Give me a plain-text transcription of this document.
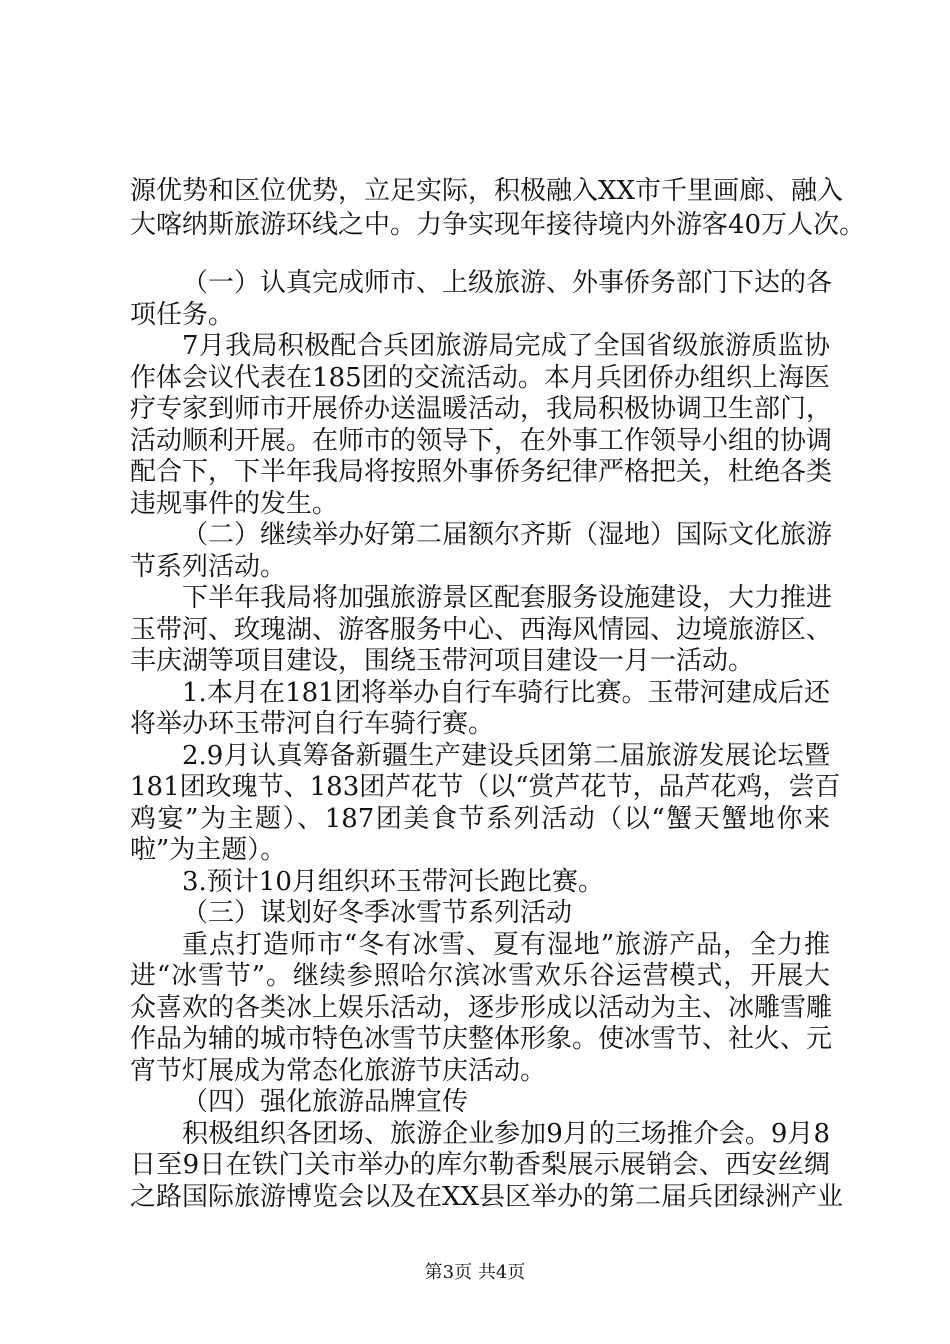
源优势和区位优势，立足实际，积极融入XX市千里画廊、融入
大喀纳斯旅游环线之中。力争实现年接待境内外游客40万人次。
（一）认真完成师市、上级旅游、外事侨务部门下达的各
项任务。
7月我局积极配合兵团旅游局完成了全国省级旅游质监协
作体会议代表在185团的交流活动。本月兵团侨办组织上海医
疗专家到师市开展侨办送温暖活动，我局积极协调卫生部门，
活动顺利开展。在师市的领导下，在外事工作领导小组的协调
配合下，下半年我局将按照外事侨务纪律严格把关，杜绝各类
违规事件的发生。
（二）继续举办好第二届额尔齐斯（湿地）国际文化旅游
节系列活动。
下半年我局将加强旅游景区配套服务设施建设，大力推进
玉带河、玫瑰湖、游客服务中心、西海风情园、边境旅游区、
丰庆湖等项目建设，围绕玉带河项目建设一月一活动。
1.本月在181团将举办自行车骑行比赛。玉带河建成后还
将举办环玉带河自行车骑行赛。
2.9月认真筹备新疆生产建设兵团第二届旅游发展论坛暨
181团玫瑰节、183团芦花节（以“赏芦花节，品芦花鸡，尝百
鸡宴”为主题）、187团美食节系列活动（以“蟹天蟹地你来
啦”为主题）。
3.预计10月组织环玉带河长跑比赛。
（三）谋划好冬季冰雪节系列活动
重点打造师市“冬有冰雪、夏有湿地”旅游产品，全力推
进“冰雪节”。继续参照哈尔滨冰雪欢乐谷运营模式，开展大
众喜欢的各类冰上娱乐活动，逐步形成以活动为主、冰雕雪雕
作品为辅的城市特色冰雪节庆整体形象。使冰雪节、社火、元
宵节灯展成为常态化旅游节庆活动。
（四）强化旅游品牌宣传
积极组织各团场、旅游企业参加9月的三场推介会。9月8
日至9日在铁门关市举办的库尔勒香梨展示展销会、西安丝绸
第3页 共4页
之路国际旅游博览会以及在XX县区举办的第二届兵团绿洲产业
